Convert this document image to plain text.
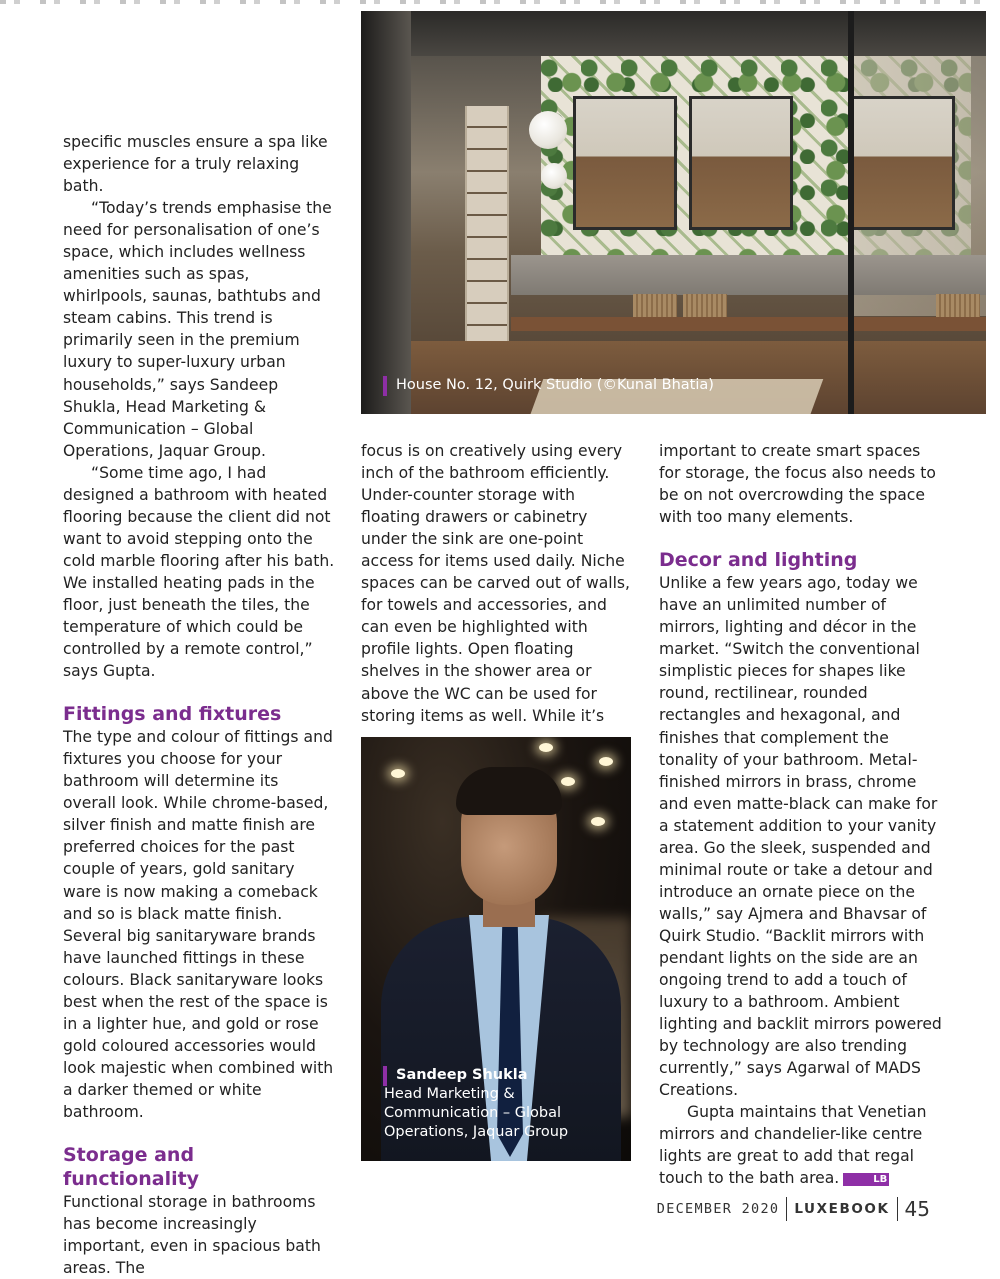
specific muscles ensure a spa like experience for a truly relaxing bath.

“Today’s trends emphasise the need for personalisation of one’s space, which includes wellness amenities such as spas, whirlpools, saunas, bathtubs and steam cabins. This trend is primarily seen in the premium luxury to super-luxury urban households,” says Sandeep Shukla, Head Marketing & Communication – Global Operations, Jaquar Group.

“Some time ago, I had designed a bathroom with heated flooring because the client did not want to avoid stepping onto the cold marble flooring after his bath. We installed heating pads in the floor, just beneath the tiles, the temperature of which could be controlled by a remote control,” says Gupta.

Fittings and fixtures

The type and colour of fittings and fixtures you choose for your bathroom will determine its overall look. While chrome-based, silver finish and matte finish are preferred choices for the past couple of years, gold sanitary ware is now making a comeback and so is black matte finish. Several big sanitaryware brands have launched fittings in these colours. Black sanitaryware looks best when the rest of the space is in a lighter hue, and gold or rose gold coloured accessories would look majestic when combined with a darker themed or white bathroom.

Storage and functionality

Functional storage in bathrooms has become increasingly important, even in spacious bath areas. The

House No. 12, Quirk Studio (©Kunal Bhatia)

focus is on creatively using every inch of the bathroom efficiently. Under-counter storage with floating drawers or cabinetry under the sink are one-point access for items used daily. Niche spaces can be carved out of walls, for towels and accessories, and can even be highlighted with profile lights. Open floating shelves in the shower area or above the WC can be used for storing items as well. While it’s

Sandeep Shukla
Head Marketing &
Communication – Global
Operations, Jaquar Group

important to create smart spaces for storage, the focus also needs to be on not overcrowding the space with too many elements.

Decor and lighting

Unlike a few years ago, today we have an unlimited number of mirrors, lighting and décor in the market. “Switch the conventional simplistic pieces for shapes like round, rectilinear, rounded rectangles and hexagonal, and finishes that complement the tonality of your bathroom. Metal-finished mirrors in brass, chrome and even matte-black can make for a statement addition to your vanity area. Go the sleek, suspended and minimal route or take a detour and introduce an ornate piece on the walls,” say Ajmera and Bhavsar of Quirk Studio. “Backlit mirrors with pendant lights on the side are an ongoing trend to add a touch of luxury to a bathroom. Ambient lighting and backlit mirrors powered by technology are also trending currently,” says Agarwal of MADS Creations.

Gupta maintains that Venetian mirrors and chandelier-like centre lights are great to add that regal touch to the bath area.	LB

DECEMBER 2020 LUXEBOOK 45
